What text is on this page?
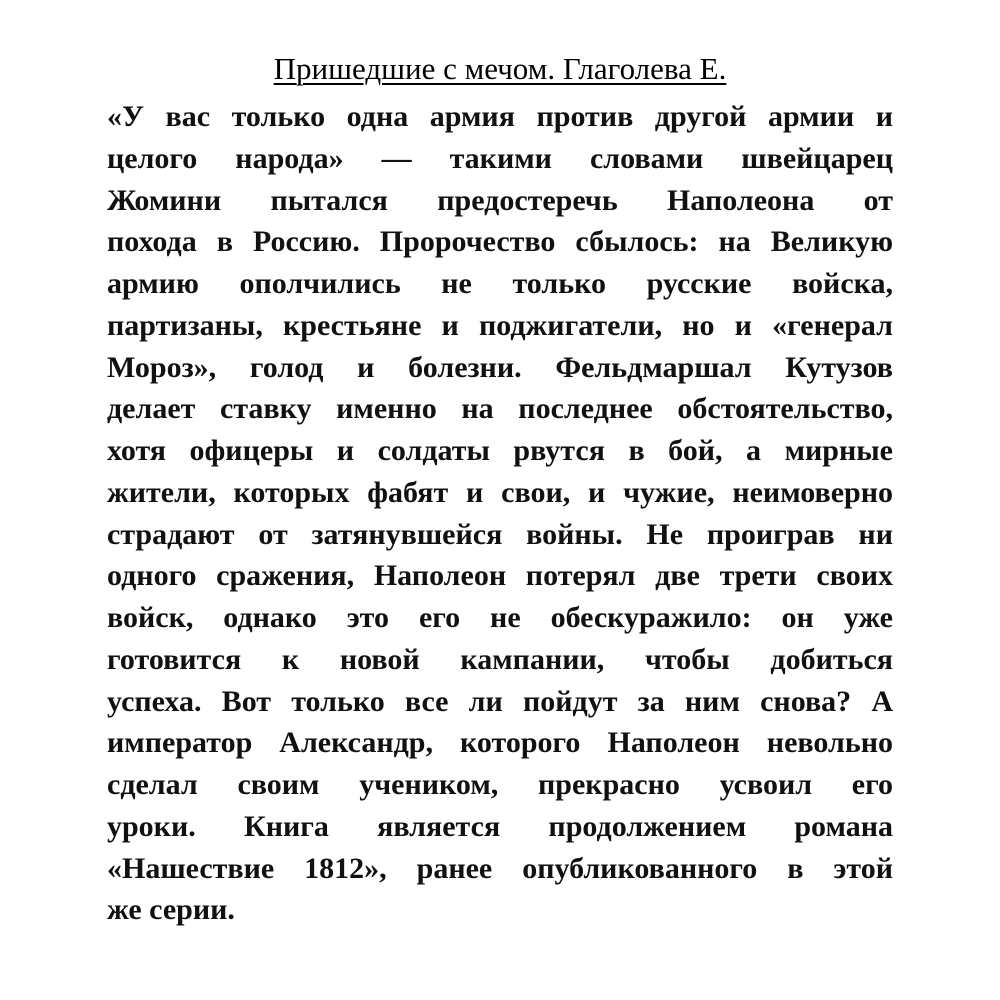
Пришедшие с мечом. Глаголева Е.
«У вас только одна армия против другой армии и
целого народа» — такими словами швейцарец
Жомини пытался предостеречь Наполеона от
похода в Россию. Пророчество сбылось: на Великую
армию ополчились не только русские войска,
партизаны, крестьяне и поджигатели, но и «генерал
Мороз», голод и болезни. Фельдмаршал Кутузов
делает ставку именно на последнее обстоятельство,
хотя офицеры и солдаты рвутся в бой, а мирные
жители, которых фабят и свои, и чужие, неимоверно
страдают от затянувшейся войны. Не проиграв ни
одного сражения, Наполеон потерял две трети своих
войск, однако это его не обескуражило: он уже
готовится к новой кампании, чтобы добиться
успеха. Вот только все ли пойдут за ним снова? А
император Александр, которого Наполеон невольно
сделал своим учеником, прекрасно усвоил его
уроки. Книга является продолжением романа
«Нашествие 1812», ранее опубликованного в этой
же серии.
